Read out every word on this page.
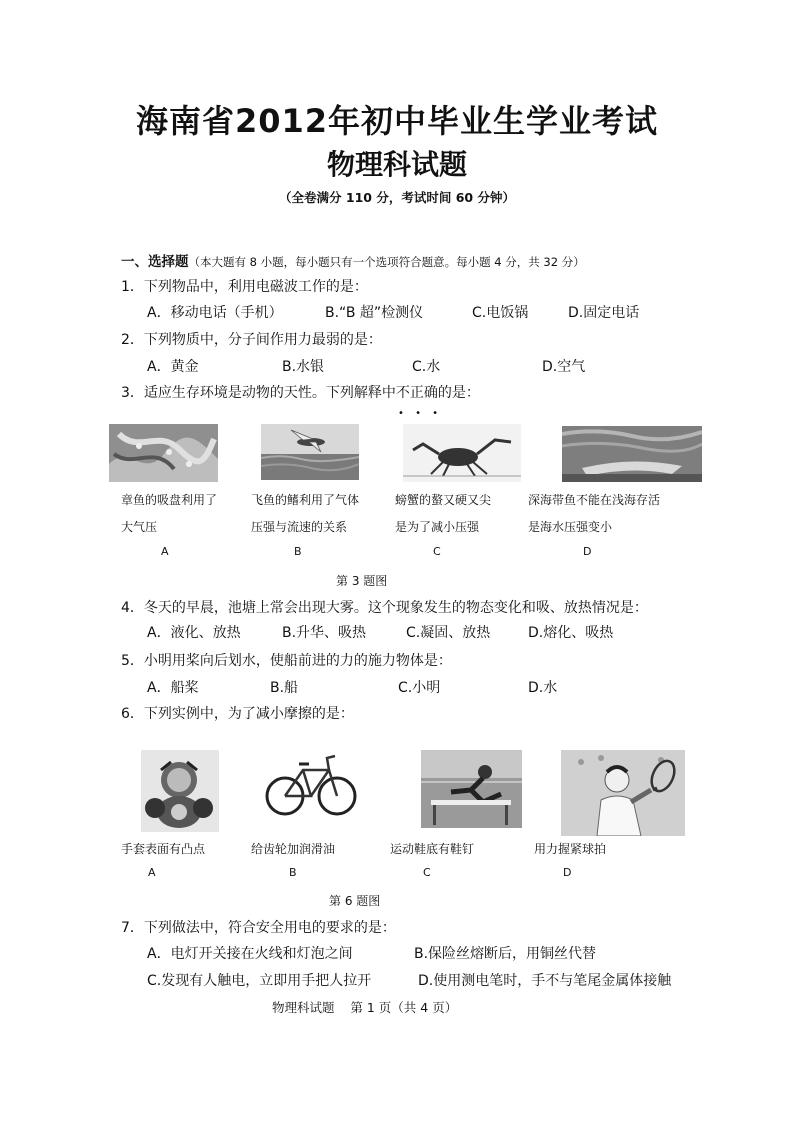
海南省2012年初中毕业生学业考试
物理科试题
（全卷满分 110 分，考试时间 60 分钟）
一、选择题（本大题有 8 小题，每小题只有一个选项符合题意。每小题 4 分，共 32 分）
1．下列物品中，利用电磁波工作的是：
A．移动电话（手机）	B.“B 超”检测仪	C.电饭锅	D.固定电话
2．下列物质中，分子间作用力最弱的是：
A．黄金	B.水银	C.水	D.空气
3．适应生存环境是动物的天性。下列解释中不正确的是：
• • •
章鱼的吸盘利用了
大气压
飞鱼的鳍利用了气体
压强与流速的关系
螃蟹的螯又硬又尖
是为了减小压强
深海带鱼不能在浅海存活
是海水压强变小
A	B	C	D
第 3 题图
4．冬天的早晨，池塘上常会出现大雾。这个现象发生的物态变化和吸、放热情况是：
A．液化、放热	B.升华、吸热	C.凝固、放热	D.熔化、吸热
5．小明用桨向后划水，使船前进的力的施力物体是：
A．船桨	B.船	C.小明	D.水
6．下列实例中，为了减小摩擦的是：
手套表面有凸点	给齿轮加润滑油	运动鞋底有鞋钉	用力握紧球拍
A	B	C	D
第 6 题图
7．下列做法中，符合安全用电的要求的是：
A．电灯开关接在火线和灯泡之间	B.保险丝熔断后，用铜丝代替
C.发现有人触电，立即用手把人拉开	D.使用测电笔时，手不与笔尾金属体接触
物理科试题    第 1 页（共 4 页）
